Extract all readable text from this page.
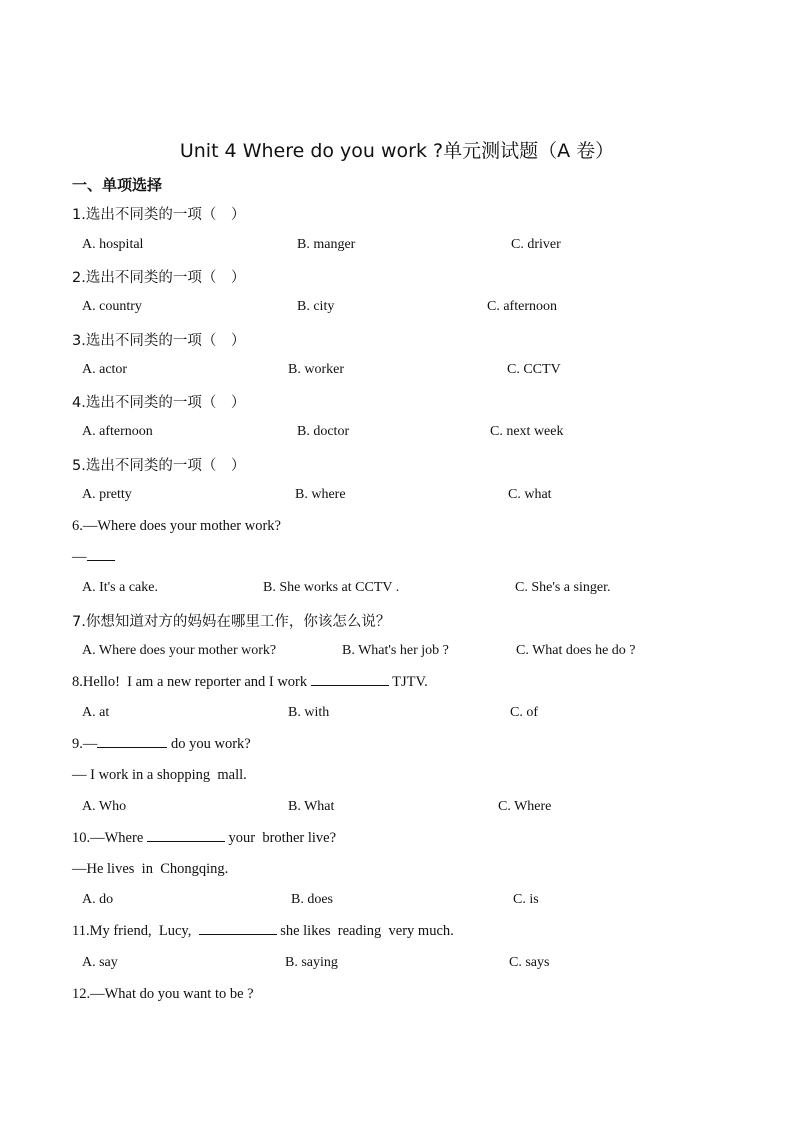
Unit 4 Where do you work ?单元测试题（A 卷）
一、单项选择
1.选出不同类的一项（　）
A. hospital	B. manger	C. driver
2.选出不同类的一项（　）
A. country	B. city	C. afternoon
3.选出不同类的一项（　）
A. actor	B. worker	C. CCTV
4.选出不同类的一项（　）
A. afternoon	B. doctor	C. next week
5.选出不同类的一项（　）
A. pretty	B. where	C. what
6.—Where does your mother work?
—
A. It's a cake.	B. She works at CCTV .	C. She's a singer.
7.你想知道对方的妈妈在哪里工作，你该怎么说？
A. Where does your mother work?	B. What's her job ?	C. What does he do ?
8.Hello!  I am a new reporter and I work	TJTV.
A. at	B. with	C. of
9.—	do you work?
— I work in a shopping  mall.
A. Who	B. What	C. Where
10.—Where	your  brother live?
—He lives  in  Chongqing.
A. do	B. does	C. is
11.My friend,  Lucy,	she likes  reading  very much.
A. say	B. saying	C. says
12.—What do you want to be ?
